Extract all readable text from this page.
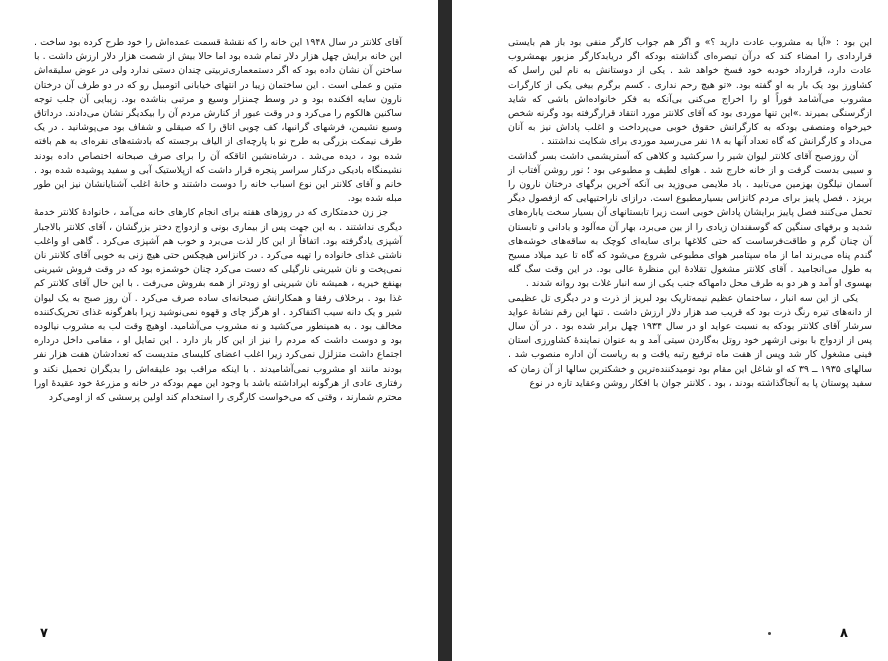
آقای کلانتر در سال ۱۹۴۸ این خانه را که نقشهٔ قسمت عمده‌اش را خود طرح کرده بود ساخت . این خانه برایش چهل هزار دلار تمام شده بود اما حالا بیش از شصت هزار دلار ارزش داشت . با ساختن آن نشان داده بود که اگر دستمعماری‌تربیتی چندان دستی ندارد ولی در عوض سلیقه‌اش متین و عملی است . این ساختمان زیبا در انتهای خیابانی اتومبیل رو که در دو طرف آن درختان نارون سایه افکنده بود و در وسط چمنزار وسیع و مرتبی بناشده بود. زیبایی آن جلب توجه ساکنین هالکوم را می‌کرد و در وقت عبور از کنارش مردم آن را بیکدیگر نشان می‌دادند. درداتاق وسیع نشیمن، فرشهای گرانبها، کف چوبی اتاق را که صیقلی و شفاف بود می‌پوشانید . در یک طرف نیمکت بزرگی به طرح نو با پارچه‌ای از الیاف برجسته که بادشته‌های نقره‌ای به هم بافته شده بود ، دیده می‌شد . درشاه‌نشین اتاقکه آن را برای صرف صبحانه اختصاص داده بودند نشیمنگاه بادیکی درکنار سراسر پنجره قرار داشت که ازپلاستیک آبی و سفید پوشیده شده بود . خانم و آقای کلانتر این نوع اسباب خانه را دوست داشتند و خانهٔ اغلب آشنایانشان نیز این طور مبله شده بود.

جز زن خدمتکاری که در روزهای هفته برای انجام کارهای خانه می‌آمد ، خانوادهٔ کلانتر خدمهٔ دیگری نداشتند . به این جهت پس از بیماری بونی و ازدواج دختر بزرگشان ، آقای کلانتر بالاجبار آشپزی یادگرفته بود. اتفاقاً از این کار لذت می‌برد و خوب هم آشپزی می‌کرد . گاهی او واغلب ناشتی غذای خانواده را تهیه می‌کرد . در کانزاس هیچکس حتی هیچ زنی به خوبی آقای کلانتر نان نمی‌پخت و نان شیرینی نارگیلی که دست می‌کرد چنان خوشمزه بود که در وقت فروش شیرینی بهنفع خیریه ، همیشه نان شیرینی او زودتر از همه بفروش می‌رفت . با این حال آقای کلانتر کم غذا بود . برخلاف رفقا و همکارانش صبحانه‌ای ساده صرف می‌کرد . آن روز صبح به یک لیوان شیر و یک دانه سیب اکتفاکرد . او هرگز چای و قهوه نمی‌نوشید زیرا باهرگونه غذای تحریک‌کننده مخالف بود . به همینطور می‌کشید و نه مشروب می‌آشامید. اوهیچ وقت لب به مشروب نیالوده بود و دوست داشت که مردم را نیز از این کار باز دارد . این تمایل او ، مقامی داخل درداره اجتماع داشت متزلزل نمی‌کرد زیرا اغلب اعضای کلیسای متدیست که تعدادشان هفت هزار نفر بودند مانند او مشروب نمی‌آشامیدند . با اینکه مراقب بود علیقه‌اش را بدیگران تحمیل نکند و رفتاری عادی از هرگونه ایراداشته باشد با وجود این مهم بودکه در خانه و مزرعهٔ خود عقیدهٔ اورا محترم شمارند ، وقتی که می‌خواست کارگری را استخدام کند اولین پرسشی که از اومی‌کرد

۷

این بود : «آیا به مشروب عادت دارید ؟» و اگر هم جواب کارگر منفی بود باز هم بایستی قراردادی را امضاء کند که درآن تبصره‌ای گذاشته بودکه اگر دریابدکارگر مزبور بهمشروب عادت دارد، قرارداد خودبه خود فسخ خواهد شد . یکی از دوستانش به نام لین راسل که کشاورز بود یک بار به او گفته بود. «تو هیچ رحم نداری . کسم برگرم بیغی یکی از کارگرات مشروب می‌آشامد فوراً او را اخراج می‌کنی بی‌آنکه به فکر خانواده‌اش باشی که شاید ازگرسنگی بمیرند .»این تنها موردی بود که آقای کلانتر مورد انتقاد قرارگرفته بود وگرنه شخص خیرخواه ومنصفی بودکه به کارگرانش حقوق خوبی می‌پرداخت و اغلب پاداش نیز به آنان می‌داد و کارگرانش که گاه تعداد آنها به ۱۸ نفر می‌رسید موردی برای شکایت نداشتند .

آن روزصبح آقای کلانتر لیوان شیر را سرکشید و کلاهی که آستریشمی داشت بسر گذاشت و سیبی بدست گرفت و از خانه خارج شد . هوای لطیف و مطبوعی بود ؛ نور روشن آفتاب از آسمان نیلگون بهزمین می‌تابید . باد ملایمی می‌وزید بی آنکه آخرین برگهای درختان نارون را بریزد . فصل پاییز برای مردم کانزاس بسیارمطبوع است. درازای ناراحتیهایی که ازفصول دیگر تحمل می‌کنند فصل پاییز برایشان پاداش خوبی است زیرا تابستانهای آن بسیار سخت یاباره‌های شدید و برفهای سنگین که گوسفندان زیادی را از بین می‌برد، بهار آن مه‌آلود و بادانی و تابستان آن چنان گرم و طاقت‌فرساست که حتی کلاغها برای سایه‌ای کوچک به ساقه‌های خوشه‌های گندم پناه می‌برند اما از ماه سپتامبر هوای مطبوعی شروع می‌شود که گاه تا عید میلاد مسیح به طول می‌انجامید . آقای کلانتر مشغول تقلادهٔ این منظرهٔ عالی بود. در این وقت سگ گله بهسوی او آمد و هر دو به طرف محل دامهاکه جنب یکی از سه انبار غلات بود روانه شدند .

یکی از این سه انبار ، ساختمان عظیم نیمه‌تاریک بود لبریز از ذرت و در دیگری تل عظیمی از دانه‌های تیره رنگ ذرت بود که قریب صد هزار دلار ارزش داشت . تنها این رقم نشانهٔ عواید سرشار آقای کلانتر بودکه به نسبت عواید او در سال ۱۹۳۴ چهل برابر شده بود . در آن سال پس از ازدواج با بونی ازشهر خود روتل به‌گاردن سیتی آمد و به عنوان نمایندهٔ کشاورزی استان فینی مشغول کار شد وپس از هفت ماه ترفیع رتبه یافت و به ریاست آن اداره منصوب شد . سالهای ۱۹۳۵ ــ ۳۹ که او شاغل این مقام بود نومیدکننده‌ترین و خشکترین سالها از آن زمان که سفید پوستان پا به آنجاگذاشته بودند ، بود . کلانتر جوان با افکار روشن وعقاید تازه در نوع

۸
